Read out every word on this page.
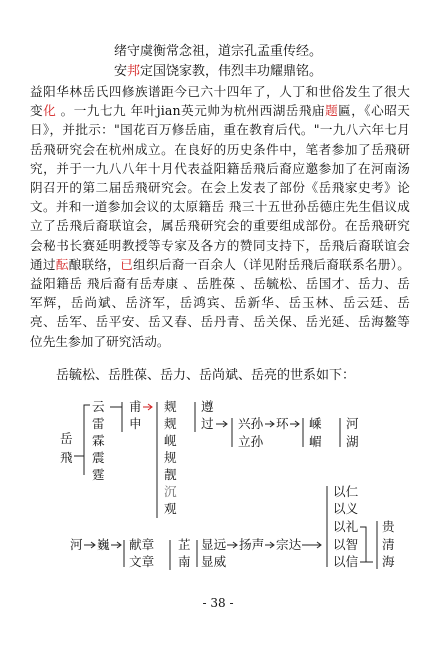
绪守虞衡常念祖，道宗孔孟重传经。
安邦定国饶家教，伟烈丰功耀鼎铭。
益阳华林岳氏四修族谱距今已六十四年了，人丁和世俗发生了很大变化 。一九七九 年叶jian英元帅为杭州西湖岳飛庙题匾，《心昭天日》，并批示："国花百万修岳庙，重在教育后代。"一九八六年七月岳飛研究会在杭州成立。在良好的历史条件中，笔者参加了岳飛研究，并于一九八八年十月代表益阳籍岳飛后裔应邀参加了在河南汤阴召开的第二届岳飛研究会。在会上发表了部份《岳飛家史考》论文。并和一道参加会议的太原籍岳 飛三十五世孙岳德庄先生倡议成立了岳飛后裔联谊会，属岳飛研究会的重要组成部份。在岳飛研究会秘书长赛延明教授等专家及各方的赞同支持下，岳飛后裔联谊会通过酝酿联络，已组织后裔一百余人（详见附岳飛后裔联系名册）。益阳籍岳 飛后裔有岳寿康 、岳胜葆 、岳毓松、岳国才、岳力、岳军辉，岳尚斌、岳济军，岳鸿宾、岳新华、岳玉林、岳云廷、岳亮、岳军、岳平安、岳又春、岳丹青、岳关保、岳光延、岳海鳌等位先生参加了研究活动。
岳毓松、岳胜葆、岳力、岳尚斌、岳亮的世系如下：
岳
飛
云
雷
霖
震
霆
甫
申
觌
觌
岘
规
靓
沉
观
遵
过 兴孙
立孙
环 嵊
嵋
河
湖
河 巍 献章
文章
芷
南
显远
显威
扬声 宗达
以仁
以义
以礼
以智
以信
贵
清
海
- 38 -
